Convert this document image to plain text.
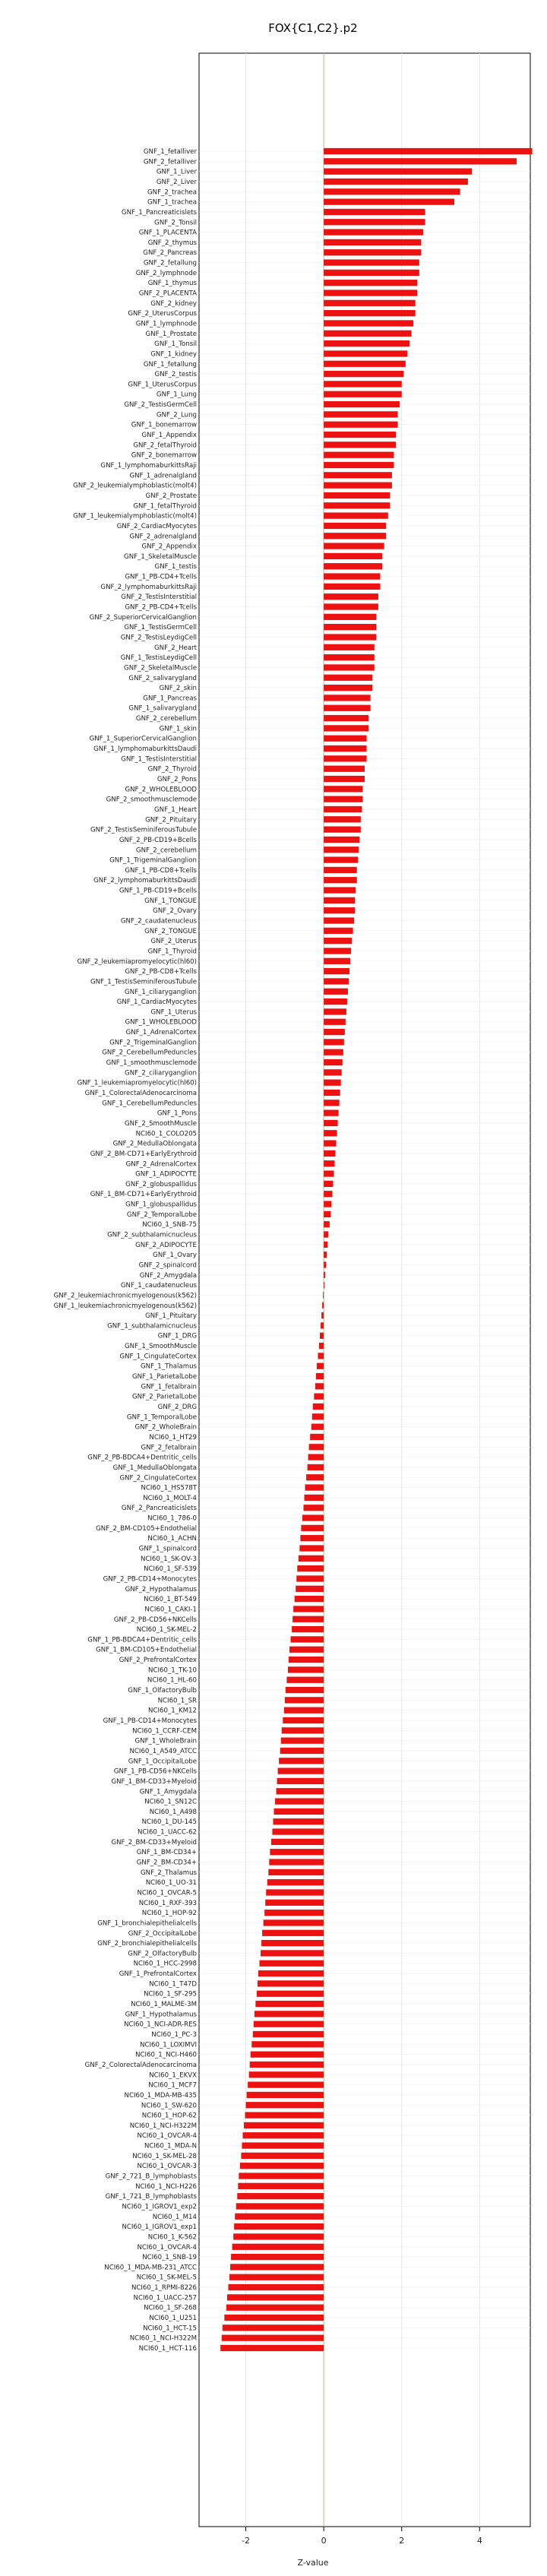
FOX{C1,C2}.p2
GNF_1_fetalliver
GNF_2_fetalliver
GNF_1_Liver
GNF_2_Liver
GNF_2_trachea
GNF_1_trachea
GNF_1_Pancreaticislets
GNF_2_Tonsil
GNF_1_PLACENTA
GNF_2_thymus
GNF_2_Pancreas
GNF_2_fetallung
GNF_2_lymphnode
GNF_1_thymus
GNF_2_PLACENTA
GNF_2_kidney
GNF_2_UterusCorpus
GNF_1_lymphnode
GNF_1_Prostate
GNF_1_Tonsil
GNF_1_kidney
GNF_1_fetallung
GNF_2_testis
GNF_1_UterusCorpus
GNF_1_Lung
GNF_2_TestisGermCell
GNF_2_Lung
GNF_1_bonemarrow
GNF_1_Appendix
GNF_2_fetalThyroid
GNF_2_bonemarrow
GNF_1_lymphomaburkittsRaji
GNF_1_adrenalgland
GNF_2_leukemialymphoblastic(molt4)
GNF_2_Prostate
GNF_1_fetalThyroid
GNF_1_leukemialymphoblastic(molt4)
GNF_2_CardiacMyocytes
GNF_2_adrenalgland
GNF_2_Appendix
GNF_1_SkeletalMuscle
GNF_1_testis
GNF_1_PB-CD4+Tcells
GNF_2_lymphomaburkittsRaji
GNF_2_TestisInterstitial
GNF_2_PB-CD4+Tcells
GNF_2_SuperiorCervicalGanglion
GNF_1_TestisGermCell
GNF_2_TestisLeydigCell
GNF_2_Heart
GNF_1_TestisLeydigCell
GNF_2_SkeletalMuscle
GNF_2_salivarygland
GNF_2_skin
GNF_1_Pancreas
GNF_1_salivarygland
GNF_2_cerebellum
GNF_1_skin
GNF_1_SuperiorCervicalGanglion
GNF_1_lymphomaburkittsDaudi
GNF_1_TestisInterstitial
GNF_2_Thyroid
GNF_2_Pons
GNF_2_WHOLEBLOOD
GNF_2_smoothmusclemode
GNF_1_Heart
GNF_2_Pituitary
GNF_2_TestisSeminiferousTubule
GNF_2_PB-CD19+Bcells
GNF_2_cerebellum
GNF_1_TrigeminalGanglion
GNF_1_PB-CD8+Tcells
GNF_2_lymphomaburkittsDaudi
GNF_1_PB-CD19+Bcells
GNF_1_TONGUE
GNF_2_Ovary
GNF_2_caudatenucleus
GNF_2_TONGUE
GNF_2_Uterus
GNF_1_Thyroid
GNF_2_leukemiapromyelocytic(hl60)
GNF_2_PB-CD8+Tcells
GNF_1_TestisSeminiferousTubule
GNF_1_ciliaryganglion
GNF_1_CardiacMyocytes
GNF_1_Uterus
GNF_1_WHOLEBLOOD
GNF_1_AdrenalCortex
GNF_2_TrigeminalGanglion
GNF_2_CerebellumPeduncles
GNF_1_smoothmusclemode
GNF_2_ciliaryganglion
GNF_1_leukemiapromyelocytic(hl60)
GNF_1_ColorectalAdenocarcinoma
GNF_1_CerebellumPeduncles
GNF_1_Pons
GNF_2_SmoothMuscle
NCI60_1_COLO205
GNF_2_MedullaOblongata
GNF_2_BM-CD71+EarlyErythroid
GNF_2_AdrenalCortex
GNF_1_ADIPOCYTE
GNF_2_globuspallidus
GNF_1_BM-CD71+EarlyErythroid
GNF_1_globuspallidus
GNF_2_TemporalLobe
NCI60_1_SNB-75
GNF_2_subthalamicnucleus
GNF_2_ADIPOCYTE
GNF_1_Ovary
GNF_2_spinalcord
GNF_2_Amygdala
GNF_1_caudatenucleus
GNF_2_leukemiachronicmyelogenous(k562)
GNF_1_leukemiachronicmyelogenous(k562)
GNF_1_Pituitary
GNF_1_subthalamicnucleus
GNF_1_DRG
GNF_1_SmoothMuscle
GNF_1_CingulateCortex
GNF_1_Thalamus
GNF_1_ParietalLobe
GNF_1_fetalbrain
GNF_2_ParietalLobe
GNF_2_DRG
GNF_1_TemporalLobe
GNF_2_WholeBrain
NCI60_1_HT29
GNF_2_fetalbrain
GNF_2_PB-BDCA4+Dentritic_cells
GNF_1_MedullaOblongata
GNF_2_CingulateCortex
NCI60_1_HS578T
NCI60_1_MOLT-4
GNF_2_Pancreaticislets
NCI60_1_786-0
GNF_2_BM-CD105+Endothelial
NCI60_1_ACHN
GNF_1_spinalcord
NCI60_1_SK-OV-3
NCI60_1_SF-539
GNF_2_PB-CD14+Monocytes
GNF_2_Hypothalamus
NCI60_1_BT-549
NCI60_1_CAKI-1
GNF_2_PB-CD56+NKCells
NCI60_1_SK-MEL-2
GNF_1_PB-BDCA4+Dentritic_cells
GNF_1_BM-CD105+Endothelial
GNF_2_PrefrontalCortex
NCI60_1_TK-10
NCI60_1_HL-60
GNF_1_OlfactoryBulb
NCI60_1_SR
NCI60_1_KM12
GNF_1_PB-CD14+Monocytes
NCI60_1_CCRF-CEM
GNF_1_WholeBrain
NCI60_1_A549_ATCC
GNF_1_OccipitalLobe
GNF_1_PB-CD56+NKCells
GNF_1_BM-CD33+Myeloid
GNF_1_Amygdala
NCI60_1_SN12C
NCI60_1_A498
NCI60_1_DU-145
NCI60_1_UACC-62
GNF_2_BM-CD33+Myeloid
GNF_1_BM-CD34+
GNF_2_BM-CD34+
GNF_2_Thalamus
NCI60_1_UO-31
NCI60_1_OVCAR-5
NCI60_1_RXF-393
NCI60_1_HOP-92
GNF_1_bronchialepithelialcells
GNF_2_OccipitalLobe
GNF_2_bronchialepithelialcells
GNF_2_OlfactoryBulb
NCI60_1_HCC-2998
GNF_1_PrefrontalCortex
NCI60_1_T47D
NCI60_1_SF-295
NCI60_1_MALME-3M
GNF_1_Hypothalamus
NCI60_1_NCI-ADR-RES
NCI60_1_PC-3
NCI60_1_LOXIMVI
NCI60_1_NCI-H460
GNF_2_ColorectalAdenocarcinoma
NCI60_1_EKVX
NCI60_1_MCF7
NCI60_1_MDA-MB-435
NCI60_1_SW-620
NCI60_1_HOP-62
NCI60_1_NCI-H322M
NCI60_1_OVCAR-4
NCI60_1_MDA-N
NCI60_1_SK-MEL-28
NCI60_1_OVCAR-3
GNF_2_721_B_lymphoblasts
NCI60_1_NCI-H226
GNF_1_721_B_lymphoblasts
NCI60_1_IGROV1_exp2
NCI60_1_M14
NCI60_1_IGROV1_exp1
NCI60_1_K-562
NCI60_1_OVCAR-4
NCI60_1_SNB-19
NCI60_1_MDA-MB-231_ATCC
NCI60_1_SK-MEL-5
NCI60_1_RPMI-8226
NCI60_1_UACC-257
NCI60_1_SF-268
NCI60_1_U251
NCI60_1_HCT-15
NCI60_1_NCI-H322M
NCI60_1_HCT-116
-2	0	2	4
Z-value
